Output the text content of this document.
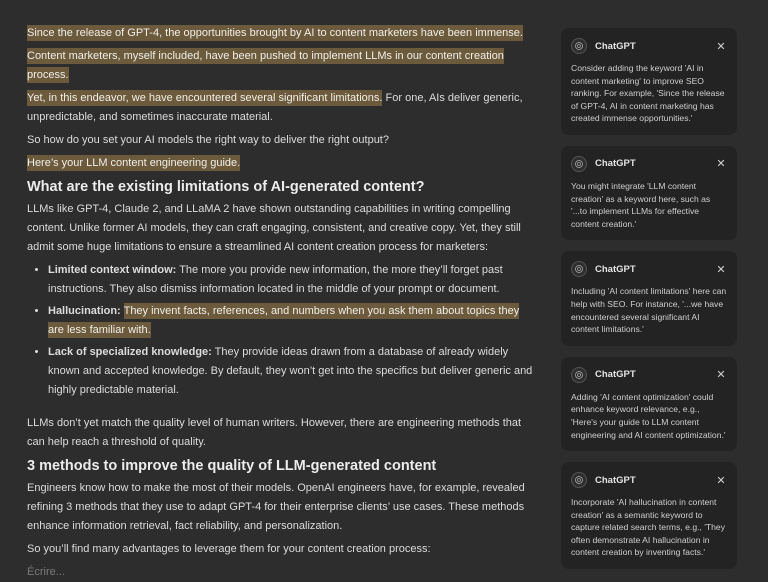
Since the release of GPT-4, the opportunities brought by AI to content marketers have been immense.

Content marketers, myself included, have been pushed to implement LLMs in our content creation process.

Yet, in this endeavor, we have encountered several significant limitations. For one, AIs deliver generic, unpredictable, and sometimes inaccurate material.

So how do you set your AI models the right way to deliver the right output?

Here’s your LLM content engineering guide.

What are the existing limitations of AI-generated content?

LLMs like GPT-4, Claude 2, and LLaMA 2 have shown outstanding capabilities in writing compelling content. Unlike former AI models, they can craft engaging, consistent, and creative copy. Yet, they still admit some huge limitations to ensure a streamlined AI content creation process for marketers:

• Limited context window: The more you provide new information, the more they’ll forget past instructions. They also dismiss information located in the middle of your prompt or document.
• Hallucination: They invent facts, references, and numbers when you ask them about topics they are less familiar with.
• Lack of specialized knowledge: They provide ideas drawn from a database of already widely known and accepted knowledge. By default, they won’t get into the specifics but deliver generic and highly predictable material.

LLMs don’t yet match the quality level of human writers. However, there are engineering methods that can help reach a threshold of quality.

3 methods to improve the quality of LLM-generated content

Engineers know how to make the most of their models. OpenAI engineers have, for example, revealed refining 3 methods that they use to adapt GPT-4 for their enterprise clients’ use cases. These methods enhance information retrieval, fact reliability, and personalization.

So you’ll find many advantages to leverage them for your content creation process:

Écrire...
ChatGPT	✕
Consider adding the keyword 'AI in content marketing' to improve SEO ranking. For example, 'Since the release of GPT-4, AI in content marketing has created immense opportunities.'
ChatGPT	✕
You might integrate 'LLM content creation' as a keyword here, such as '...to implement LLMs for effective content creation.'
ChatGPT	✕
Including 'AI content limitations' here can help with SEO. For instance, '...we have encountered several significant AI content limitations.'
ChatGPT	✕
Adding 'AI content optimization' could enhance keyword relevance, e.g., 'Here's your guide to LLM content engineering and AI content optimization.'
ChatGPT	✕
Incorporate 'AI hallucination in content creation' as a semantic keyword to capture related search terms, e.g., 'They often demonstrate AI hallucination in content creation by inventing facts.'
